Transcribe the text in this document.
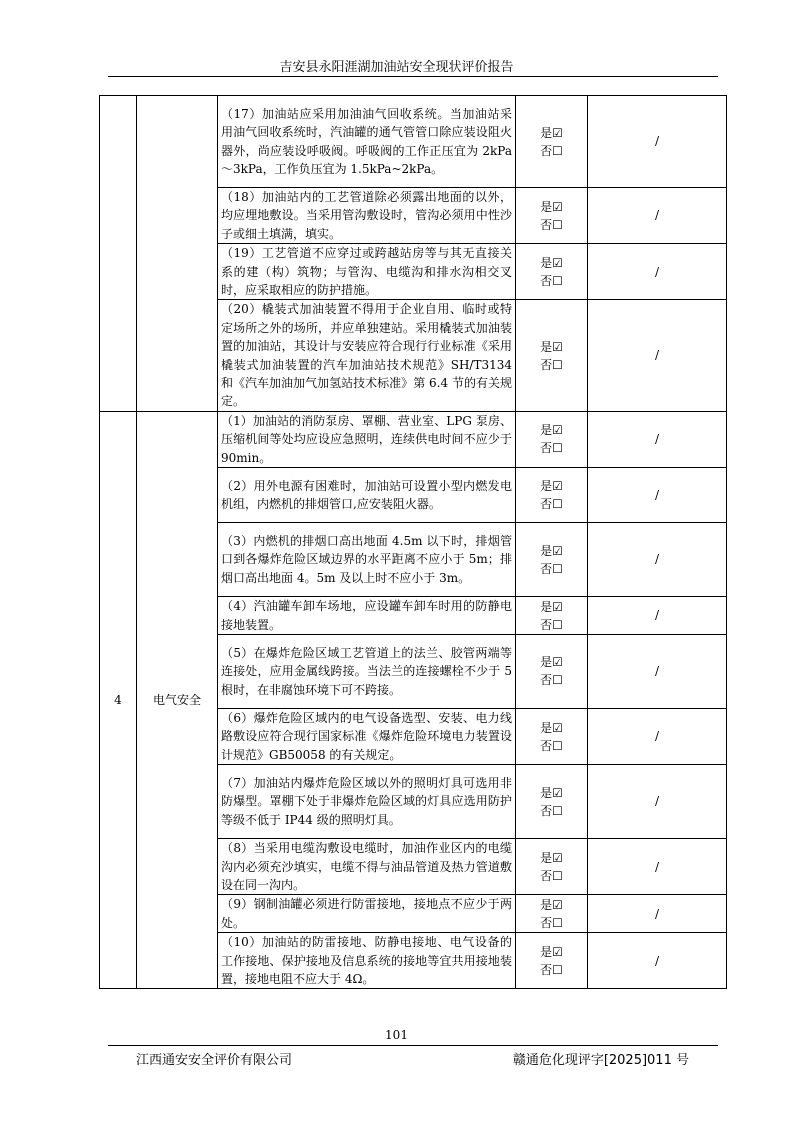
吉安县永阳涯湖加油站安全现状评价报告
		（17）加油站应采用加油油气回收系统。当加油站采用油气回收系统时，汽油罐的通气管管口除应装设阻火器外，尚应装设呼吸阀。呼吸阀的工作正压宜为 2kPa～3kPa，工作负压宜为 1.5kPa~2kPa。	是☑
否☐	/
		（18）加油站内的工艺管道除必须露出地面的以外，均应埋地敷设。当采用管沟敷设时，管沟必须用中性沙子或细土填满，填实。	是☑
否☐	/
		（19）工艺管道不应穿过或跨越站房等与其无直接关系的建（构）筑物；与管沟、电缆沟和排水沟相交叉时，应采取相应的防护措施。	是☑
否☐	/
		（20）橇装式加油装置不得用于企业自用、临时或特定场所之外的场所，并应单独建站。采用橇装式加油装置的加油站，其设计与安装应符合现行行业标准《采用橇装式加油装置的汽车加油站技术规范》SH/T3134 和《汽车加油加气加氢站技术标准》第 6.4 节的有关规定。	是☑
否☐	/
4	电气安全	（1）加油站的消防泵房、罩棚、营业室、LPG 泵房、压缩机间等处均应设应急照明，连续供电时间不应少于 90min。	是☑
否☐	/
		（2）用外电源有困难时，加油站可设置小型内燃发电机组，内燃机的排烟管口,应安装阻火器。	是☑
否☐	/
		（3）内燃机的排烟口高出地面 4.5m 以下时，排烟管口到各爆炸危险区域边界的水平距离不应小于 5m；排烟口高出地面 4。5m 及以上时不应小于 3m。	是☑
否☐	/
		（4）汽油罐车卸车场地，应设罐车卸车时用的防静电接地装置。	是☑
否☐	/
		（5）在爆炸危险区域工艺管道上的法兰、胶管两端等连接处，应用金属线跨接。当法兰的连接螺栓不少于 5 根时，在非腐蚀环境下可不跨接。	是☑
否☐	/
		（6）爆炸危险区域内的电气设备选型、安装、电力线路敷设应符合现行国家标准《爆炸危险环境电力装置设计规范》GB50058 的有关规定。	是☑
否☐	/
		（7）加油站内爆炸危险区域以外的照明灯具可选用非防爆型。罩棚下处于非爆炸危险区域的灯具应选用防护等级不低于 IP44 级的照明灯具。	是☑
否☐	/
		（8）当采用电缆沟敷设电缆时，加油作业区内的电缆沟内必须充沙填实，电缆不得与油品管道及热力管道敷设在同一沟内。	是☑
否☐	/
		（9）钢制油罐必须进行防雷接地，接地点不应少于两处。	是☑
否☐	/
		（10）加油站的防雷接地、防静电接地、电气设备的工作接地、保护接地及信息系统的接地等宜共用接地装置，接地电阻不应大于 4Ω。	是☑
否☐	/
101
江西通安安全评价有限公司	赣通危化现评字[2025]011 号
